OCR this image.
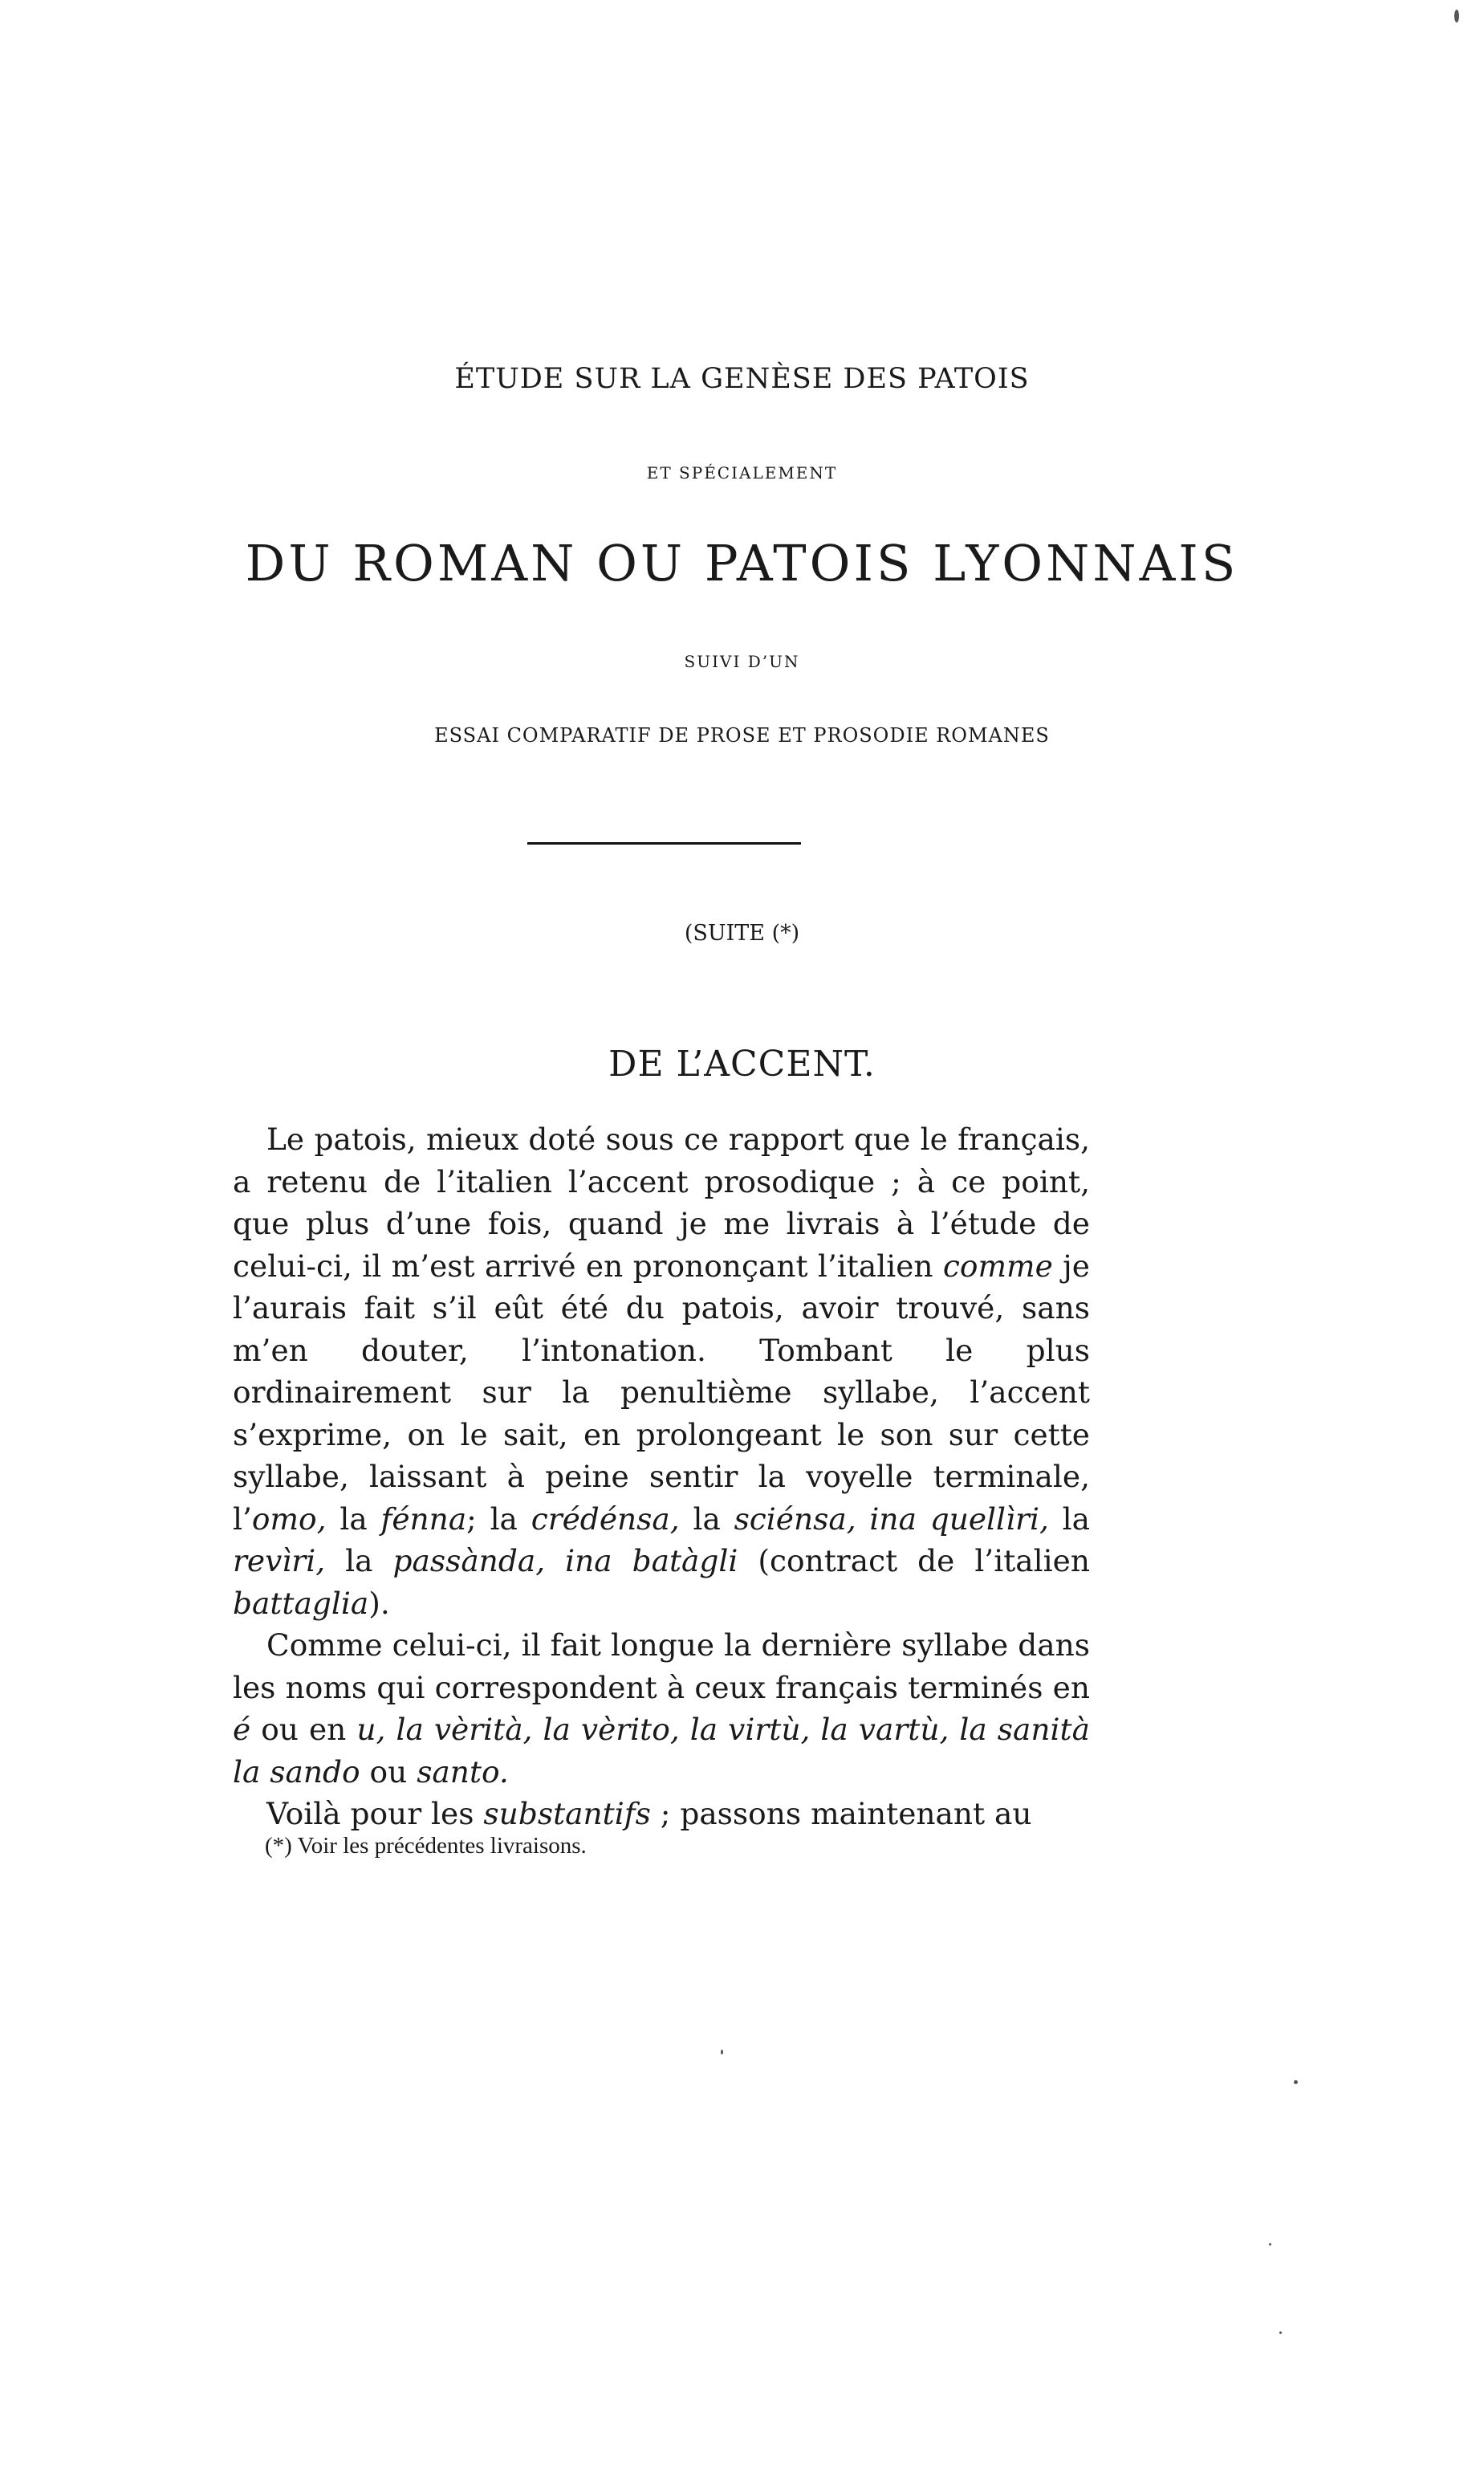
ÉTUDE SUR LA GENÈSE DES PATOIS
ET SPÉCIALEMENT
DU ROMAN OU PATOIS LYONNAIS
SUIVI D’UN
ESSAI COMPARATIF DE PROSE ET PROSODIE ROMANES
(SUITE (*)
DE L’ACCENT.

Le patois, mieux doté sous ce rapport que le français, a retenu de l’italien l’accent prosodique ; à ce point, que plus d’une fois, quand je me livrais à l’étude de celui-ci, il m’est arrivé en prononçant l’italien comme je l’aurais fait s’il eût été du patois, avoir trouvé, sans m’en douter, l’intonation. Tombant le plus ordinairement sur la penultième syllabe, l’accent s’exprime, on le sait, en prolongeant le son sur cette syllabe, laissant à peine sentir la voyelle terminale, l’omo, la fénna; la crédénsa, la sciénsa, ina quellìri, la revìri, la passànda, ina batàgli (contract de l’italien battaglia).

Comme celui-ci, il fait longue la dernière syllabe dans les noms qui correspondent à ceux français terminés en é ou en u, la vèrità, la vèrito, la virtù, la vartù, la sanità la sando ou santo.

Voilà pour les substantifs ; passons maintenant au

(*) Voir les précédentes livraisons.
